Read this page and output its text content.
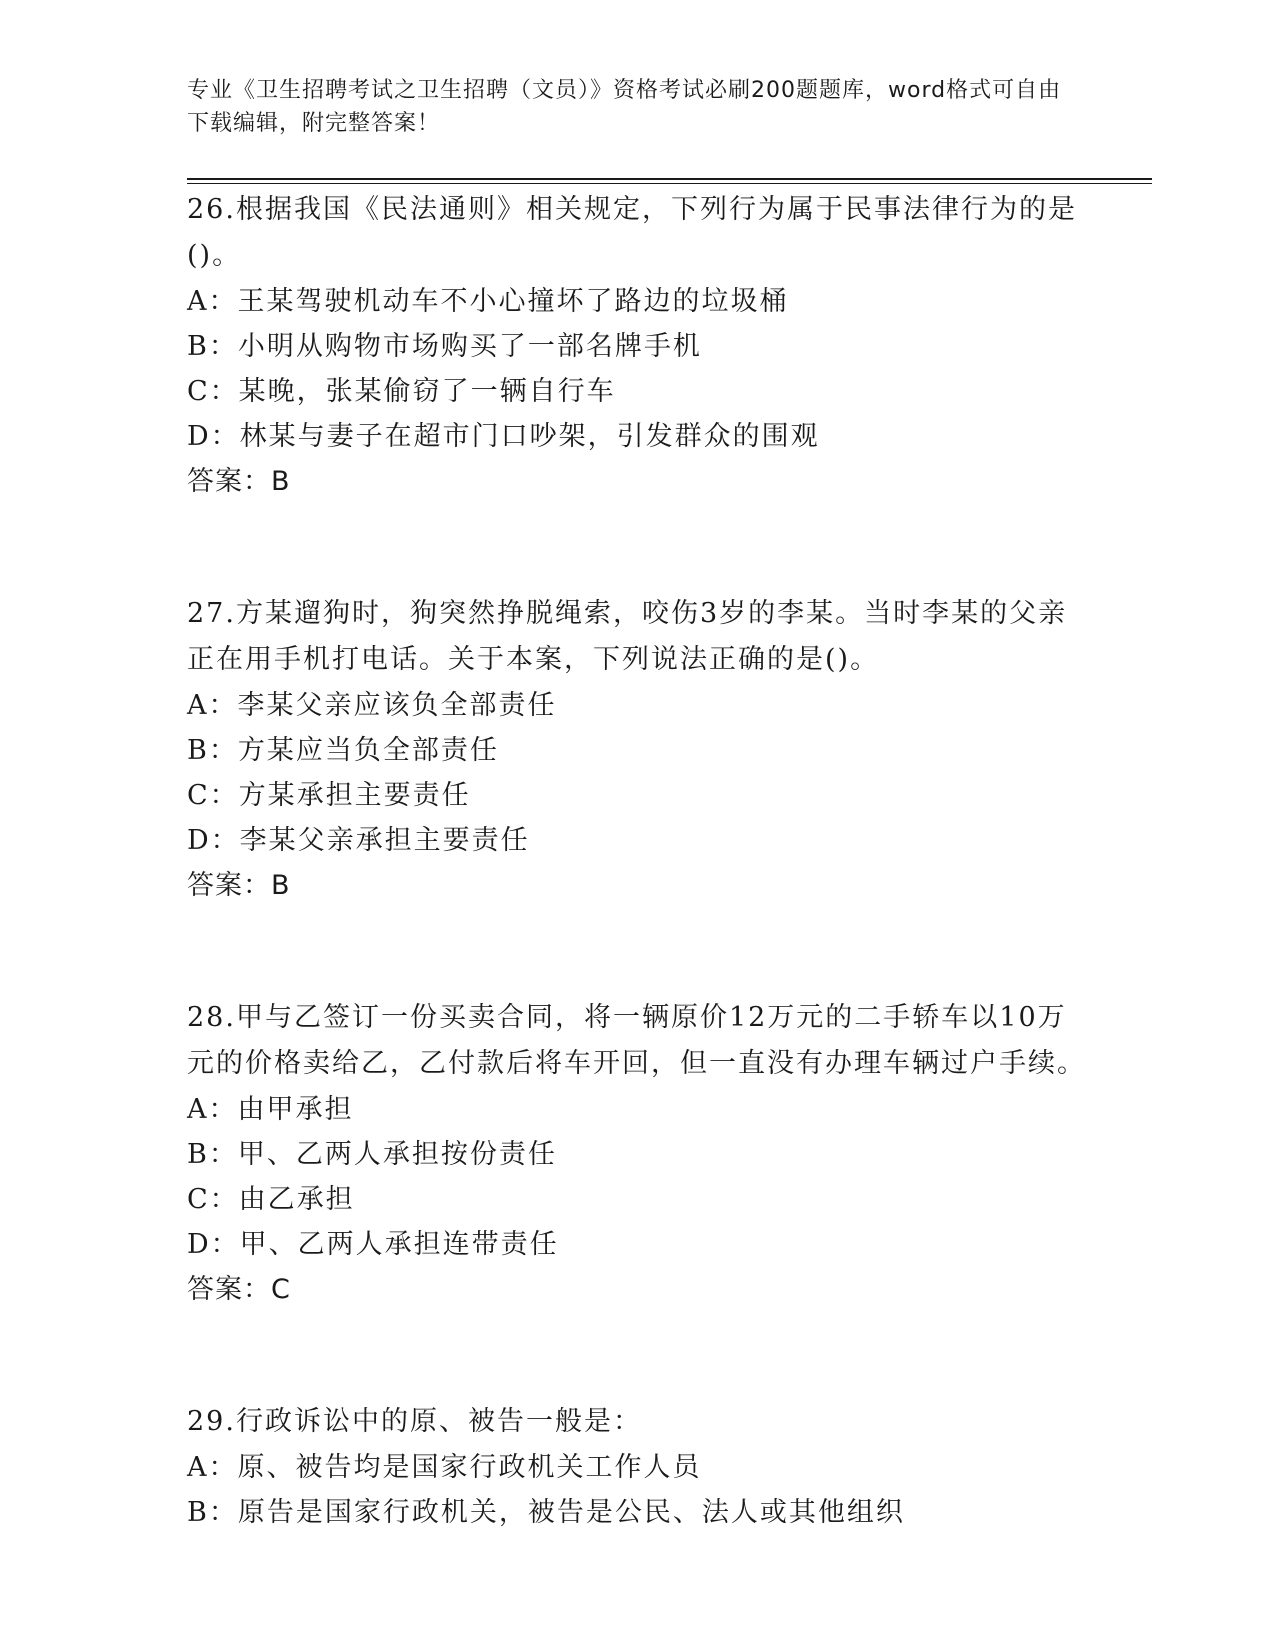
专业《卫生招聘考试之卫生招聘（文员）》资格考试必刷200题题库，word格式可自由下载编辑，附完整答案！
26.根据我国《民法通则》相关规定，下列行为属于民事法律行为的是()。
A：王某驾驶机动车不小心撞坏了路边的垃圾桶
B：小明从购物市场购买了一部名牌手机
C：某晚，张某偷窃了一辆自行车
D：林某与妻子在超市门口吵架，引发群众的围观
答案：B
27.方某遛狗时，狗突然挣脱绳索，咬伤3岁的李某。当时李某的父亲正在用手机打电话。关于本案，下列说法正确的是()。
A：李某父亲应该负全部责任
B：方某应当负全部责任
C：方某承担主要责任
D：李某父亲承担主要责任
答案：B
28.甲与乙签订一份买卖合同，将一辆原价12万元的二手轿车以10万元的价格卖给乙，乙付款后将车开回，但一直没有办理车辆过户手续。
A：由甲承担
B：甲、乙两人承担按份责任
C：由乙承担
D：甲、乙两人承担连带责任
答案：C
29.行政诉讼中的原、被告一般是：
A：原、被告均是国家行政机关工作人员
B：原告是国家行政机关，被告是公民、法人或其他组织
